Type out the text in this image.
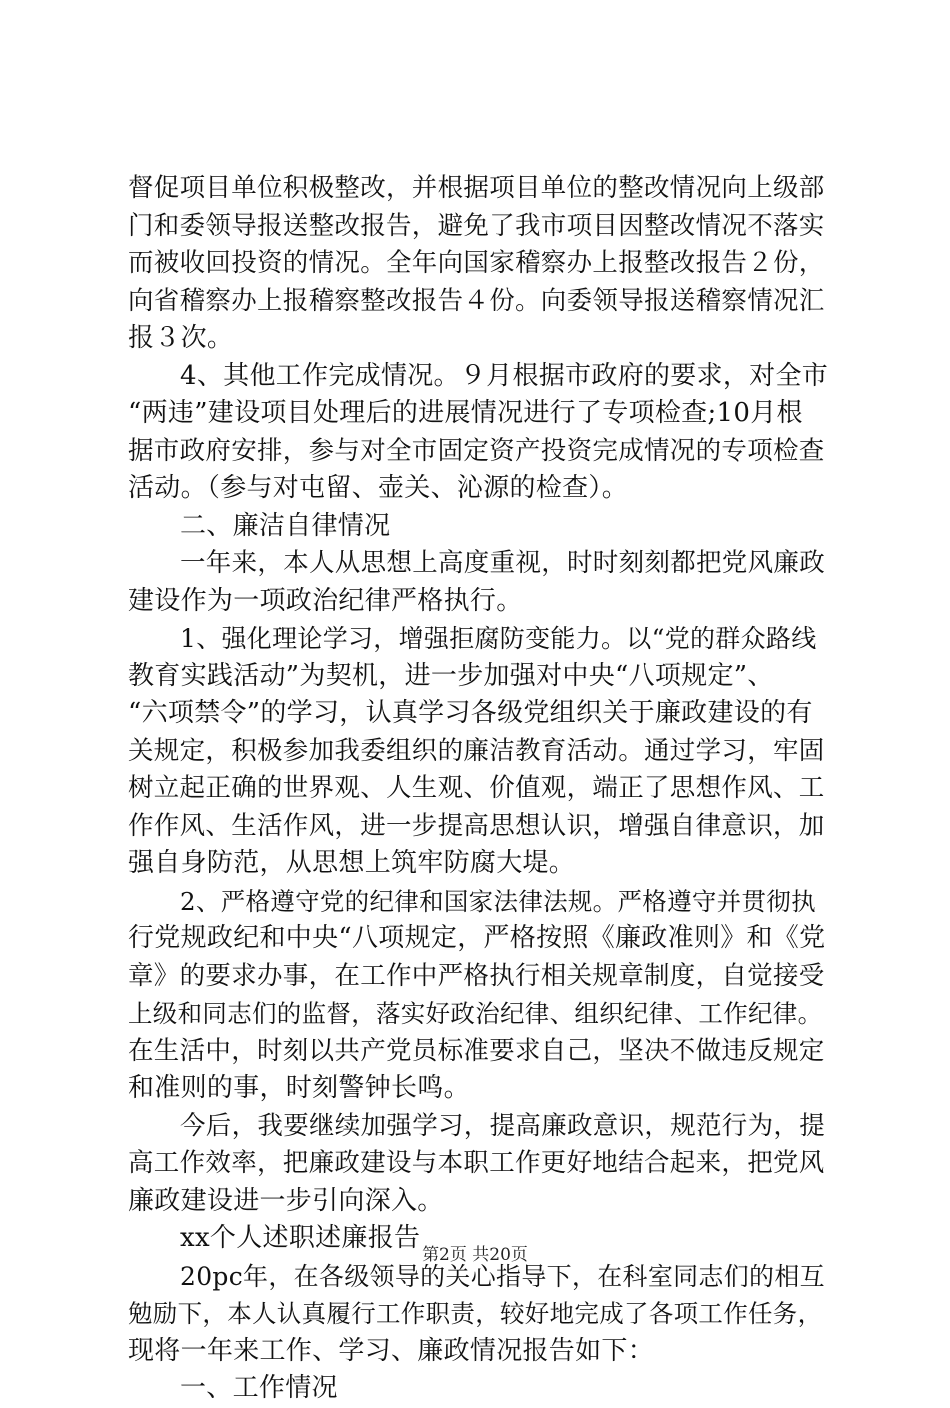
督促项目单位积极整改，并根据项目单位的整改情况向上级部
门和委领导报送整改报告，避免了我市项目因整改情况不落实
而被收回投资的情况。全年向国家稽察办上报整改报告２份，
向省稽察办上报稽察整改报告４份。向委领导报送稽察情况汇
报３次。
4、其他工作完成情况。９月根据市政府的要求，对全市
“两违”建设项目处理后的进展情况进行了专项检查;10月根
据市政府安排，参与对全市固定资产投资完成情况的专项检查
活动。（参与对屯留、壶关、沁源的检查）。
二、廉洁自律情况
一年来，本人从思想上高度重视，时时刻刻都把党风廉政
建设作为一项政治纪律严格执行。
1、强化理论学习，增强拒腐防变能力。以“党的群众路线
教育实践活动”为契机，进一步加强对中央“八项规定”、
“六项禁令”的学习，认真学习各级党组织关于廉政建设的有
关规定，积极参加我委组织的廉洁教育活动。通过学习，牢固
树立起正确的世界观、人生观、价值观，端正了思想作风、工
作作风、生活作风，进一步提高思想认识，增强自律意识，加
强自身防范，从思想上筑牢防腐大堤。
2、严格遵守党的纪律和国家法律法规。严格遵守并贯彻执
行党规政纪和中央“八项规定，严格按照《廉政准则》和《党
章》的要求办事，在工作中严格执行相关规章制度，自觉接受
上级和同志们的监督，落实好政治纪律、组织纪律、工作纪律。
在生活中，时刻以共产党员标准要求自己，坚决不做违反规定
和准则的事，时刻警钟长鸣。
今后，我要继续加强学习，提高廉政意识，规范行为，提
高工作效率，把廉政建设与本职工作更好地结合起来，把党风
廉政建设进一步引向深入。
xx个人述职述廉报告
20pc年，在各级领导的关心指导下，在科室同志们的相互
勉励下，本人认真履行工作职责，较好地完成了各项工作任务，
现将一年来工作、学习、廉政情况报告如下：
一、工作情况
第2页 共20页
